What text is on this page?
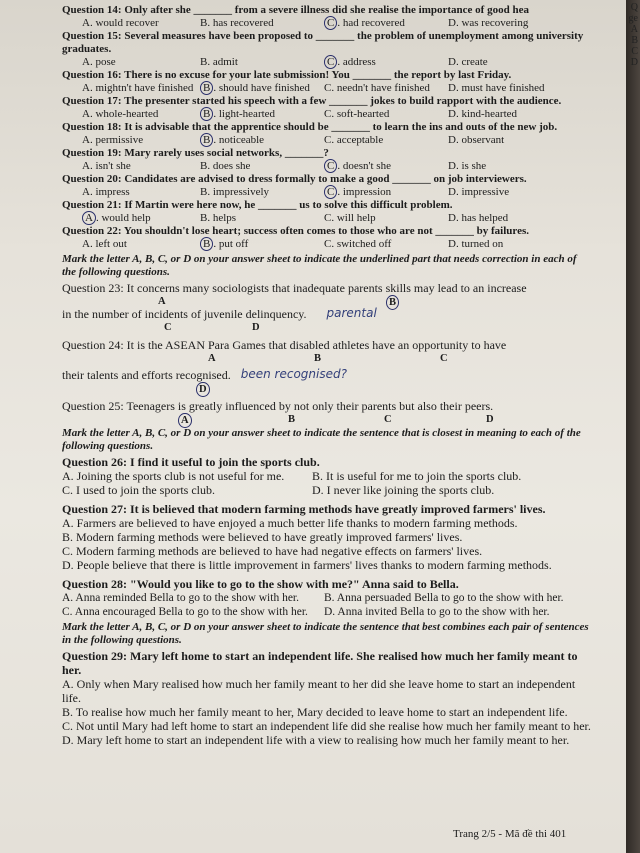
Question 14: Only after she _______ from a severe illness did she realise the importance of good hea
A. would recover	B. has recovered	C . had recovered	D. was recovering
Question 15: Several measures have been proposed to _______ the problem of unemployment among university graduates.
A. pose	B. admit	C . address	D. create
Question 16: There is no excuse for your late submission! You _______ the report by last Friday.
A. mightn't have finished B . should have finished	C. needn't have finished	D. must have finished
Question 17: The presenter started his speech with a few _______ jokes to build rapport with the audience.
A. whole-hearted	B . light-hearted	C. soft-hearted	D. kind-hearted
Question 18: It is advisable that the apprentice should be _______ to learn the ins and outs of the new job.
A. permissive	B . noticeable	C. acceptable	D. observant
Question 19: Mary rarely uses social networks, _______?
A. isn't she	B. does she	C . doesn't she	D. is she
Question 20: Candidates are advised to dress formally to make a good _______ on job interviewers.
A. impress	B. impressively	C . impression	D. impressive
Question 21: If Martin were here now, he _______ us to solve this difficult problem.
A . would help	B. helps	C. will help	D. has helped
Question 22: You shouldn't lose heart; success often comes to those who are not _______ by failures.
A. left out	B . put off	C. switched off	D. turned on
Mark the letter A, B, C, or D on your answer sheet to indicate the underlined part that needs correction in each of the following questions.
Question 23: It concerns many sociologists that inadequate parents skills may lead to an increase
A	B
in the number of incidents of juvenile delinquency. parental
C	D
Question 24: It is the ASEAN Para Games that disabled athletes have an opportunity to have
A	B	C
their talents and efforts recognised. been recognised?
D
Question 25: Teenagers is greatly influenced by not only their parents but also their peers.
A	B	C	D
Mark the letter A, B, C, or D on your answer sheet to indicate the sentence that is closest in meaning to each of the following questions.
Question 26: I find it useful to join the sports club.
A. Joining the sports club is not useful for me.	B. It is useful for me to join the sports club.
C. I used to join the sports club.	D. I never like joining the sports club.
Question 27: It is believed that modern farming methods have greatly improved farmers' lives.
A. Farmers are believed to have enjoyed a much better life thanks to modern farming methods.
B. Modern farming methods were believed to have greatly improved farmers' lives.
C. Modern farming methods are believed to have had negative effects on farmers' lives.
D. People believe that there is little improvement in farmers' lives thanks to modern farming methods.
Question 28: "Would you like to go to the show with me?" Anna said to Bella.
A. Anna reminded Bella to go to the show with her.	B. Anna persuaded Bella to go to the show with her.
C. Anna encouraged Bella to go to the show with her.	D. Anna invited Bella to go to the show with her.
Mark the letter A, B, C, or D on your answer sheet to indicate the sentence that best combines each pair of sentences in the following questions.
Question 29: Mary left home to start an independent life. She realised how much her family meant to her.
A. Only when Mary realised how much her family meant to her did she leave home to start an independent life.
B. To realise how much her family meant to her, Mary decided to leave home to start an independent life.
C. Not until Mary had left home to start an independent life did she realise how much her family meant to her.
D. Mary left home to start an independent life with a view to realising how much her family meant to her.
Trang 2/5 - Mã đề thi 401
Q
ge
A
B
C
D
